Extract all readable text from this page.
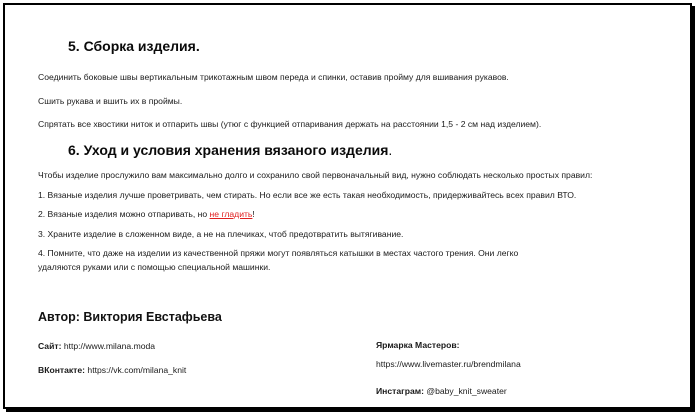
5. Сборка изделия.
Соединить боковые швы вертикальным трикотажным швом переда и спинки, оставив пройму для вшивания рукавов.
Сшить рукава и вшить их в проймы.
Спрятать все хвостики ниток и отпарить швы (утюг с функцией отпаривания держать на расстоянии 1,5 - 2 см над изделием).
6. Уход и условия хранения вязаного изделия.
Чтобы изделие прослужило вам максимально долго и сохранило свой первоначальный вид, нужно соблюдать несколько простых правил:
1. Вязаные изделия лучше проветривать, чем стирать. Но если все же есть такая необходимость, придерживайтесь всех правил ВТО.
2. Вязаные изделия можно отпаривать, но не гладить!
3. Храните изделие в сложенном виде, а не на плечиках, чтоб предотвратить вытягивание.
4. Помните, что даже на изделии из качественной пряжи могут появляться катышки в местах частого трения. Они легко
удаляются руками или с помощью специальной машинки.
Автор: Виктория Евстафьева
Сайт: http://www.milana.moda
ВКонтакте: https://vk.com/milana_knit
Ярмарка Мастеров:
https://www.livemaster.ru/brendmilana
Инстаграм: @baby_knit_sweater
